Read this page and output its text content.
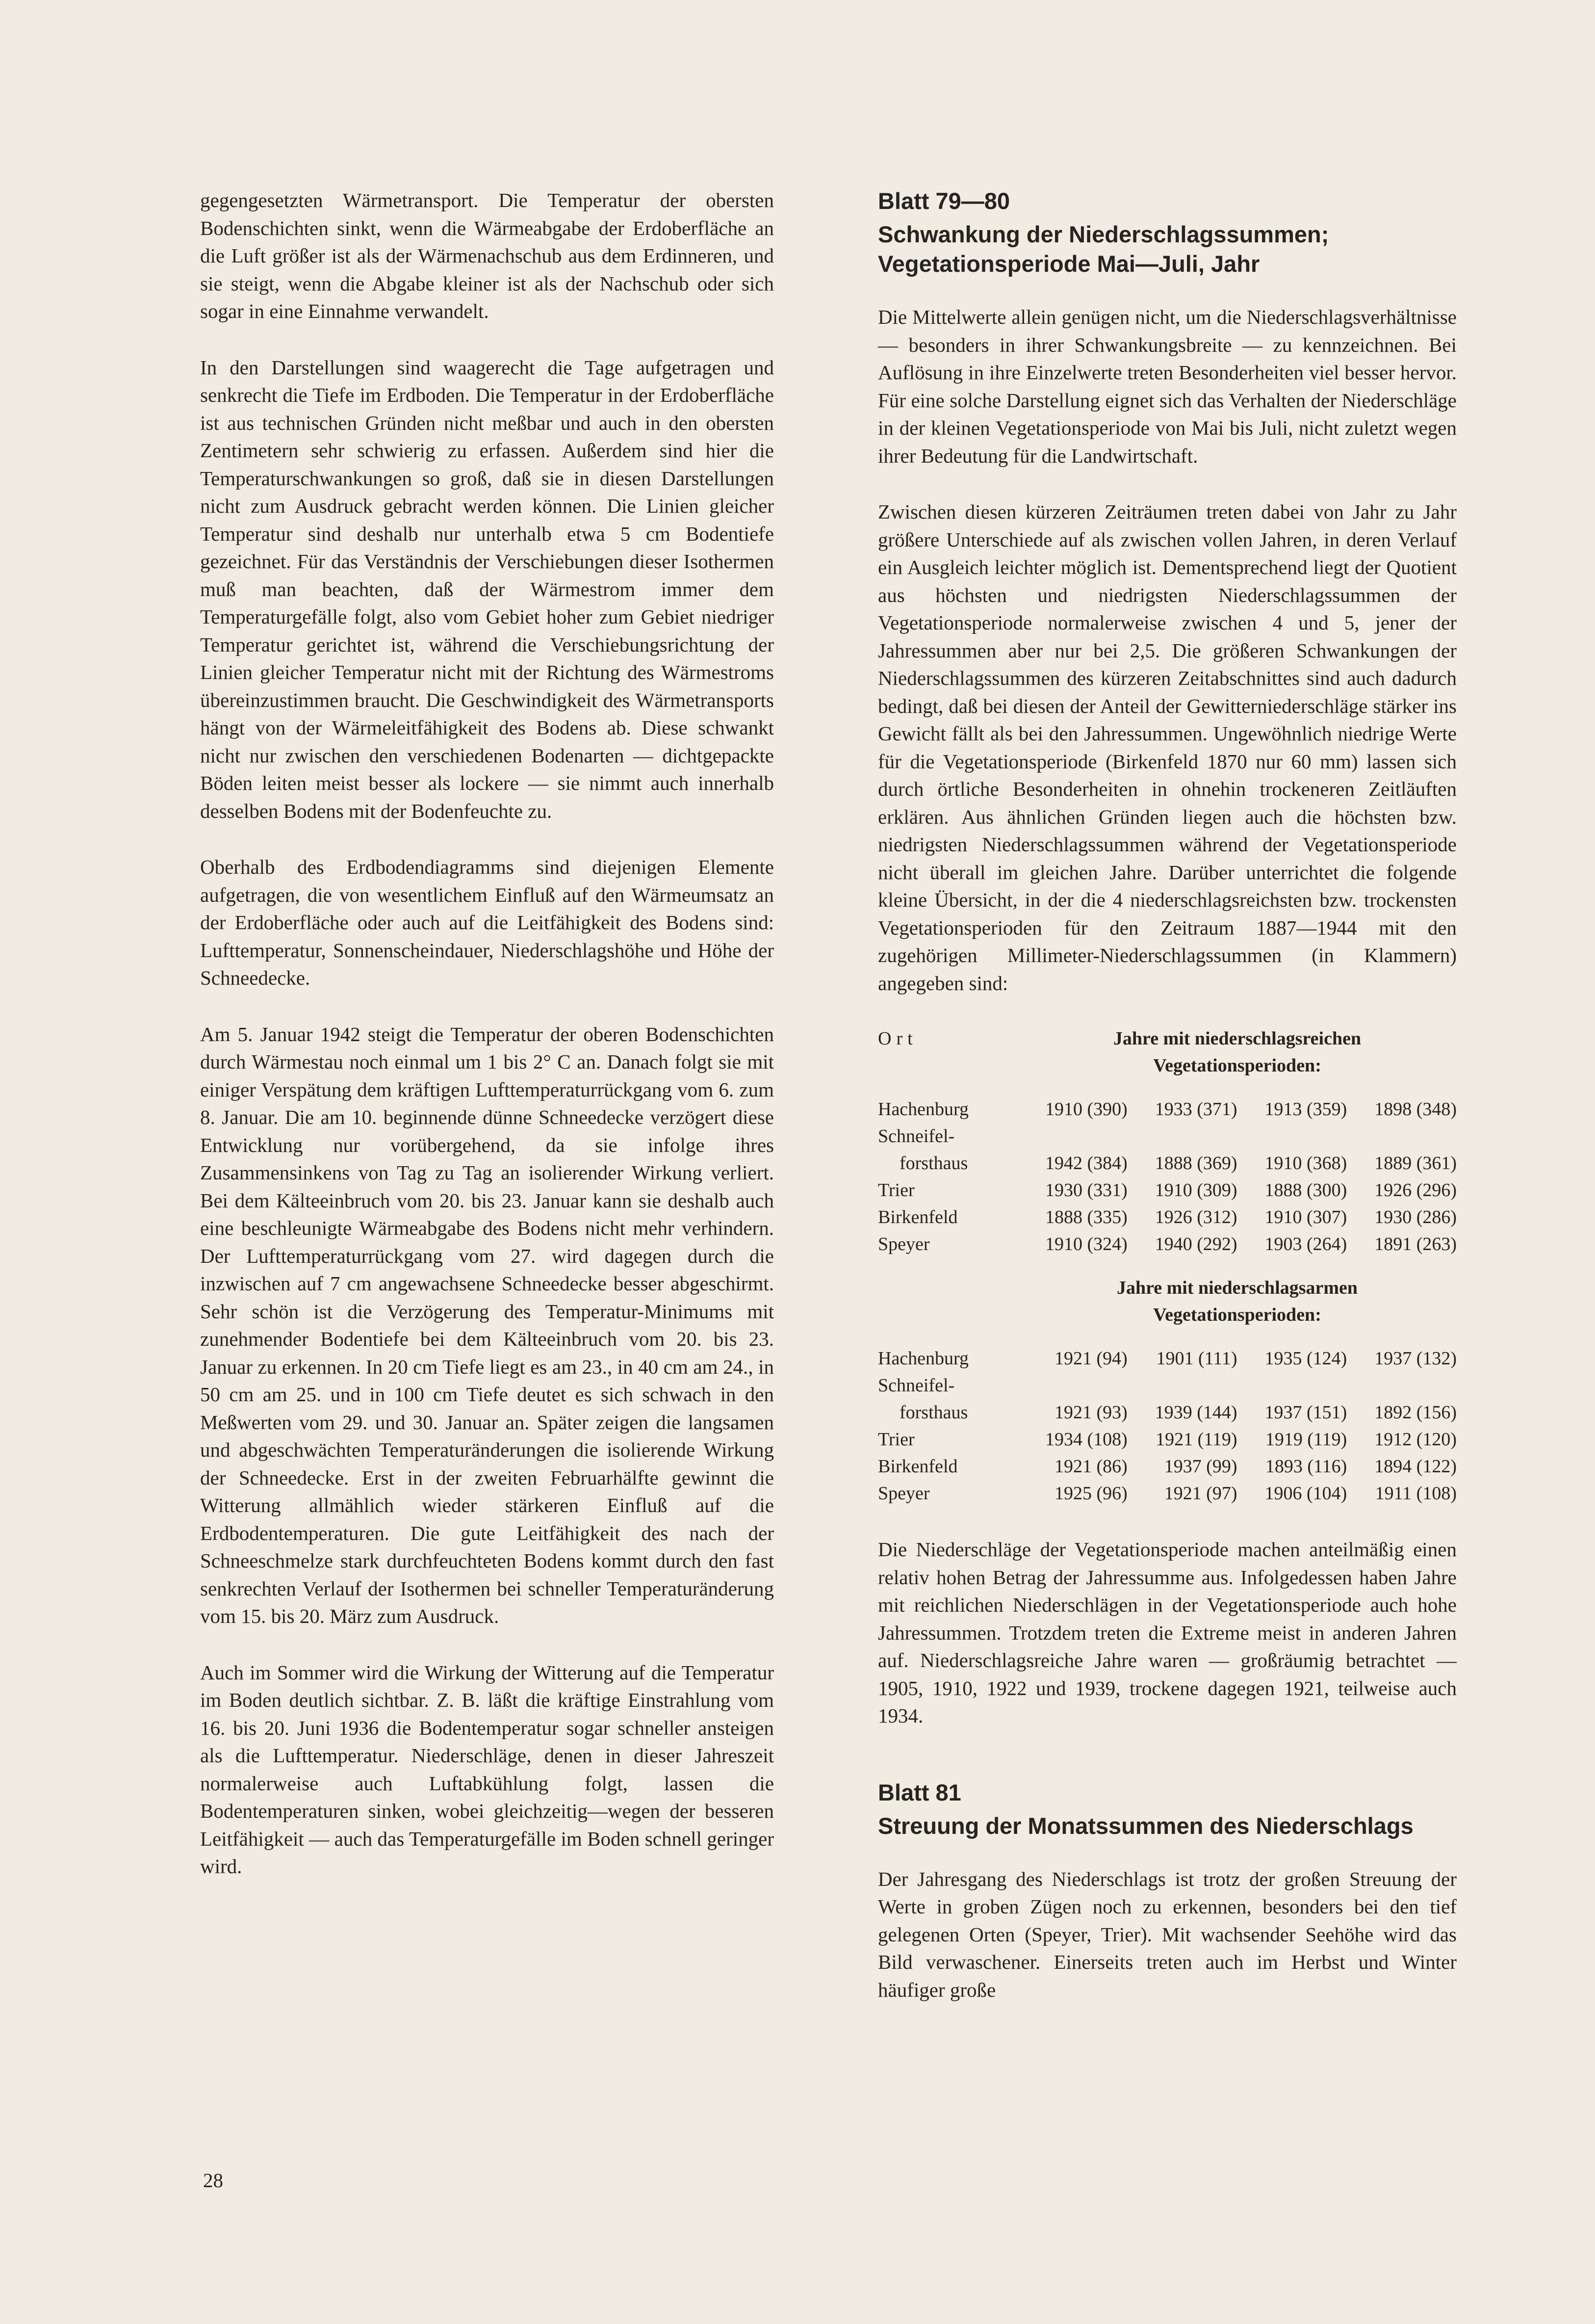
gegengesetzten Wärmetransport. Die Temperatur der obersten Bodenschichten sinkt, wenn die Wärmeabgabe der Erdoberfläche an die Luft größer ist als der Wärmenachschub aus dem Erdinneren, und sie steigt, wenn die Abgabe kleiner ist als der Nachschub oder sich sogar in eine Einnahme verwandelt.

In den Darstellungen sind waagerecht die Tage aufgetragen und senkrecht die Tiefe im Erdboden. Die Temperatur in der Erdoberfläche ist aus technischen Gründen nicht meßbar und auch in den obersten Zentimetern sehr schwierig zu erfassen. Außerdem sind hier die Temperaturschwankungen so groß, daß sie in diesen Darstellungen nicht zum Ausdruck gebracht werden können. Die Linien gleicher Temperatur sind deshalb nur unterhalb etwa 5 cm Bodentiefe gezeichnet. Für das Verständnis der Verschiebungen dieser Isothermen muß man beachten, daß der Wärmestrom immer dem Temperaturgefälle folgt, also vom Gebiet hoher zum Gebiet niedriger Temperatur gerichtet ist, während die Verschiebungsrichtung der Linien gleicher Temperatur nicht mit der Richtung des Wärmestroms übereinzustimmen braucht. Die Geschwindigkeit des Wärmetransports hängt von der Wärmeleitfähigkeit des Bodens ab. Diese schwankt nicht nur zwischen den verschiedenen Bodenarten — dichtgepackte Böden leiten meist besser als lockere — sie nimmt auch innerhalb desselben Bodens mit der Bodenfeuchte zu.

Oberhalb des Erdbodendiagramms sind diejenigen Elemente aufgetragen, die von wesentlichem Einfluß auf den Wärmeumsatz an der Erdoberfläche oder auch auf die Leitfähigkeit des Bodens sind: Lufttemperatur, Sonnenscheindauer, Niederschlagshöhe und Höhe der Schneedecke.

Am 5. Januar 1942 steigt die Temperatur der oberen Bodenschichten durch Wärmestau noch einmal um 1 bis 2° C an. Danach folgt sie mit einiger Verspätung dem kräftigen Lufttemperaturrückgang vom 6. zum 8. Januar. Die am 10. beginnende dünne Schneedecke verzögert diese Entwicklung nur vorübergehend, da sie infolge ihres Zusammensinkens von Tag zu Tag an isolierender Wirkung verliert. Bei dem Kälteeinbruch vom 20. bis 23. Januar kann sie deshalb auch eine beschleunigte Wärmeabgabe des Bodens nicht mehr verhindern. Der Lufttemperaturrückgang vom 27. wird dagegen durch die inzwischen auf 7 cm angewachsene Schneedecke besser abgeschirmt. Sehr schön ist die Verzögerung des Temperatur-Minimums mit zunehmender Bodentiefe bei dem Kälteeinbruch vom 20. bis 23. Januar zu erkennen. In 20 cm Tiefe liegt es am 23., in 40 cm am 24., in 50 cm am 25. und in 100 cm Tiefe deutet es sich schwach in den Meßwerten vom 29. und 30. Januar an. Später zeigen die langsamen und abgeschwächten Temperaturänderungen die isolierende Wirkung der Schneedecke. Erst in der zweiten Februarhälfte gewinnt die Witterung allmählich wieder stärkeren Einfluß auf die Erdbodentemperaturen. Die gute Leitfähigkeit des nach der Schneeschmelze stark durchfeuchteten Bodens kommt durch den fast senkrechten Verlauf der Isothermen bei schneller Temperaturänderung vom 15. bis 20. März zum Ausdruck.

Auch im Sommer wird die Wirkung der Witterung auf die Temperatur im Boden deutlich sichtbar. Z. B. läßt die kräftige Einstrahlung vom 16. bis 20. Juni 1936 die Bodentemperatur sogar schneller ansteigen als die Lufttemperatur. Niederschläge, denen in dieser Jahreszeit normalerweise auch Luftabkühlung folgt, lassen die Bodentemperaturen sinken, wobei gleichzeitig—wegen der besseren Leitfähigkeit — auch das Temperaturgefälle im Boden schnell geringer wird.

Blatt 79—80
Schwankung der Niederschlagssummen;
Vegetationsperiode Mai—Juli, Jahr

Die Mittelwerte allein genügen nicht, um die Niederschlagsverhältnisse — besonders in ihrer Schwankungsbreite — zu kennzeichnen. Bei Auflösung in ihre Einzelwerte treten Besonderheiten viel besser hervor. Für eine solche Darstellung eignet sich das Verhalten der Niederschläge in der kleinen Vegetationsperiode von Mai bis Juli, nicht zuletzt wegen ihrer Bedeutung für die Landwirtschaft.

Zwischen diesen kürzeren Zeiträumen treten dabei von Jahr zu Jahr größere Unterschiede auf als zwischen vollen Jahren, in deren Verlauf ein Ausgleich leichter möglich ist. Dementsprechend liegt der Quotient aus höchsten und niedrigsten Niederschlagssummen der Vegetationsperiode normalerweise zwischen 4 und 5, jener der Jahressummen aber nur bei 2,5. Die größeren Schwankungen der Niederschlagssummen des kürzeren Zeitabschnittes sind auch dadurch bedingt, daß bei diesen der Anteil der Gewitterniederschläge stärker ins Gewicht fällt als bei den Jahressummen. Ungewöhnlich niedrige Werte für die Vegetationsperiode (Birkenfeld 1870 nur 60 mm) lassen sich durch örtliche Besonderheiten in ohnehin trockeneren Zeitläuften erklären. Aus ähnlichen Gründen liegen auch die höchsten bzw. niedrigsten Niederschlagssummen während der Vegetationsperiode nicht überall im gleichen Jahre. Darüber unterrichtet die folgende kleine Übersicht, in der die 4 niederschlagsreichsten bzw. trockensten Vegetationsperioden für den Zeitraum 1887—1944 mit den zugehörigen Millimeter-Niederschlagssummen (in Klammern) angegeben sind:

Ort	Jahre mit niederschlagsreichen
Vegetationsperioden:			

Hachenburg	1910 (390)	1933 (371)	1913 (359)	1898 (348)
Schneifel-				
forsthaus	1942 (384)	1888 (369)	1910 (368)	1889 (361)
Trier	1930 (331)	1910 (309)	1888 (300)	1926 (296)
Birkenfeld	1888 (335)	1926 (312)	1910 (307)	1930 (286)
Speyer	1910 (324)	1940 (292)	1903 (264)	1891 (263)

	Jahre mit niederschlagsarmen
Vegetationsperioden:			

Hachenburg	1921 (94)	1901 (111)	1935 (124)	1937 (132)
Schneifel-				
forsthaus	1921 (93)	1939 (144)	1937 (151)	1892 (156)
Trier	1934 (108)	1921 (119)	1919 (119)	1912 (120)
Birkenfeld	1921 (86)	1937 (99)	1893 (116)	1894 (122)
Speyer	1925 (96)	1921 (97)	1906 (104)	1911 (108)

Die Niederschläge der Vegetationsperiode machen anteilmäßig einen relativ hohen Betrag der Jahressumme aus. Infolgedessen haben Jahre mit reichlichen Niederschlägen in der Vegetationsperiode auch hohe Jahressummen. Trotzdem treten die Extreme meist in anderen Jahren auf. Niederschlagsreiche Jahre waren — großräumig betrachtet — 1905, 1910, 1922 und 1939, trockene dagegen 1921, teilweise auch 1934.

Blatt 81
Streuung der Monatssummen des Niederschlags

Der Jahresgang des Niederschlags ist trotz der großen Streuung der Werte in groben Zügen noch zu erkennen, besonders bei den tief gelegenen Orten (Speyer, Trier). Mit wachsender Seehöhe wird das Bild verwaschener. Einerseits treten auch im Herbst und Winter häufiger große

28
